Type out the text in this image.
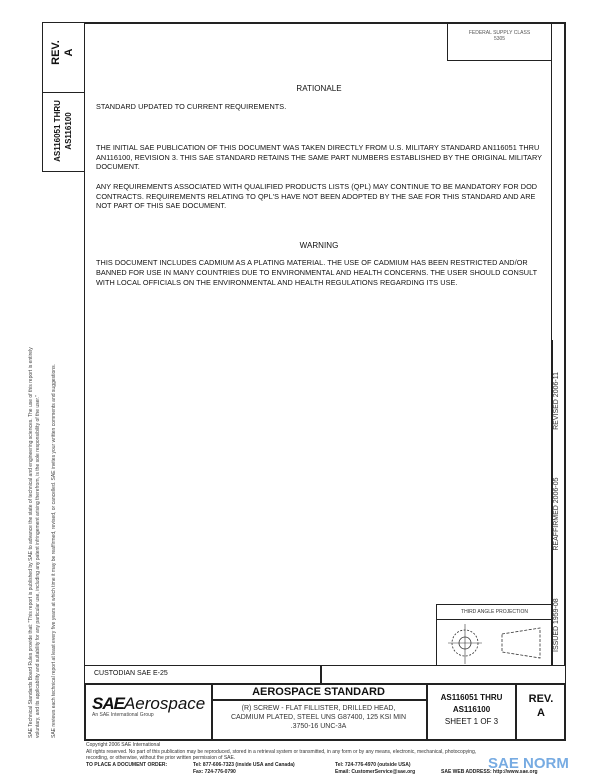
REV. A
AS116051 THRU AS116100
SAE Technical Standards Board Rules provide that: "This report is published by SAE to advance the state of technical and engineering sciences. The use of this report is entirely voluntary, and its applicability and suitability for any particular use, including any patent infringement arising therefrom, is the sole responsibility of the user." SAE reviews each technical report at least every five years at which time it may be reaffirmed, revised, or cancelled. SAE invites your written comments and suggestions.
FEDERAL SUPPLY CLASS
5305

RATIONALE

STANDARD UPDATED TO CURRENT REQUIREMENTS.

THE INITIAL SAE PUBLICATION OF THIS DOCUMENT WAS TAKEN DIRECTLY FROM U.S. MILITARY STANDARD AN116051 THRU AN116100, REVISION 3. THIS SAE STANDARD RETAINS THE SAME PART NUMBERS ESTABLISHED BY THE ORIGINAL MILITARY DOCUMENT.

ANY REQUIREMENTS ASSOCIATED WITH QUALIFIED PRODUCTS LISTS (QPL) MAY CONTINUE TO BE MANDATORY FOR DOD CONTRACTS. REQUIREMENTS RELATING TO QPL'S HAVE NOT BEEN ADOPTED BY THE SAE FOR THIS STANDARD AND ARE NOT PART OF THIS SAE DOCUMENT.

WARNING

THIS DOCUMENT INCLUDES CADMIUM AS A PLATING MATERIAL. THE USE OF CADMIUM HAS BEEN RESTRICTED AND/OR BANNED FOR USE IN MANY COUNTRIES DUE TO ENVIRONMENTAL AND HEALTH CONCERNS. THE USER SHOULD CONSULT WITH LOCAL OFFICIALS ON THE ENVIRONMENTAL AND HEALTH REGULATIONS REGARDING ITS USE.

ISSUED 1959-08
REAFFIRMED 2006-05
REVISED 2006-11
THIRD ANGLE PROJECTION
CUSTODIAN SAE E-25
SAEAerospace
An SAE International Group
AEROSPACE STANDARD
(R) SCREW - FLAT FILLISTER, DRILLED HEAD,
CADMIUM PLATED, STEEL UNS G87400, 125 KSI MIN
.3750-16 UNC-3A
AS116051 THRU
AS116100
SHEET 1 OF 3
REV.
A
Copyright 2006 SAE International
All rights reserved. No part of this publication may be reproduced, stored in a retrieval system or transmitted, in any form or by any means, electronic, mechanical, photocopying,
recording, or otherwise, without the prior written permission of SAE.
TO PLACE A DOCUMENT ORDER:	Tel: 877-606-7323 (inside USA and Canada)
Fax: 724-776-0790
Tel: 724-776-4970 (outside USA)
Email: CustomerService@sae.org	SAE WEB ADDRESS: http://www.sae.org
SAE NORM
